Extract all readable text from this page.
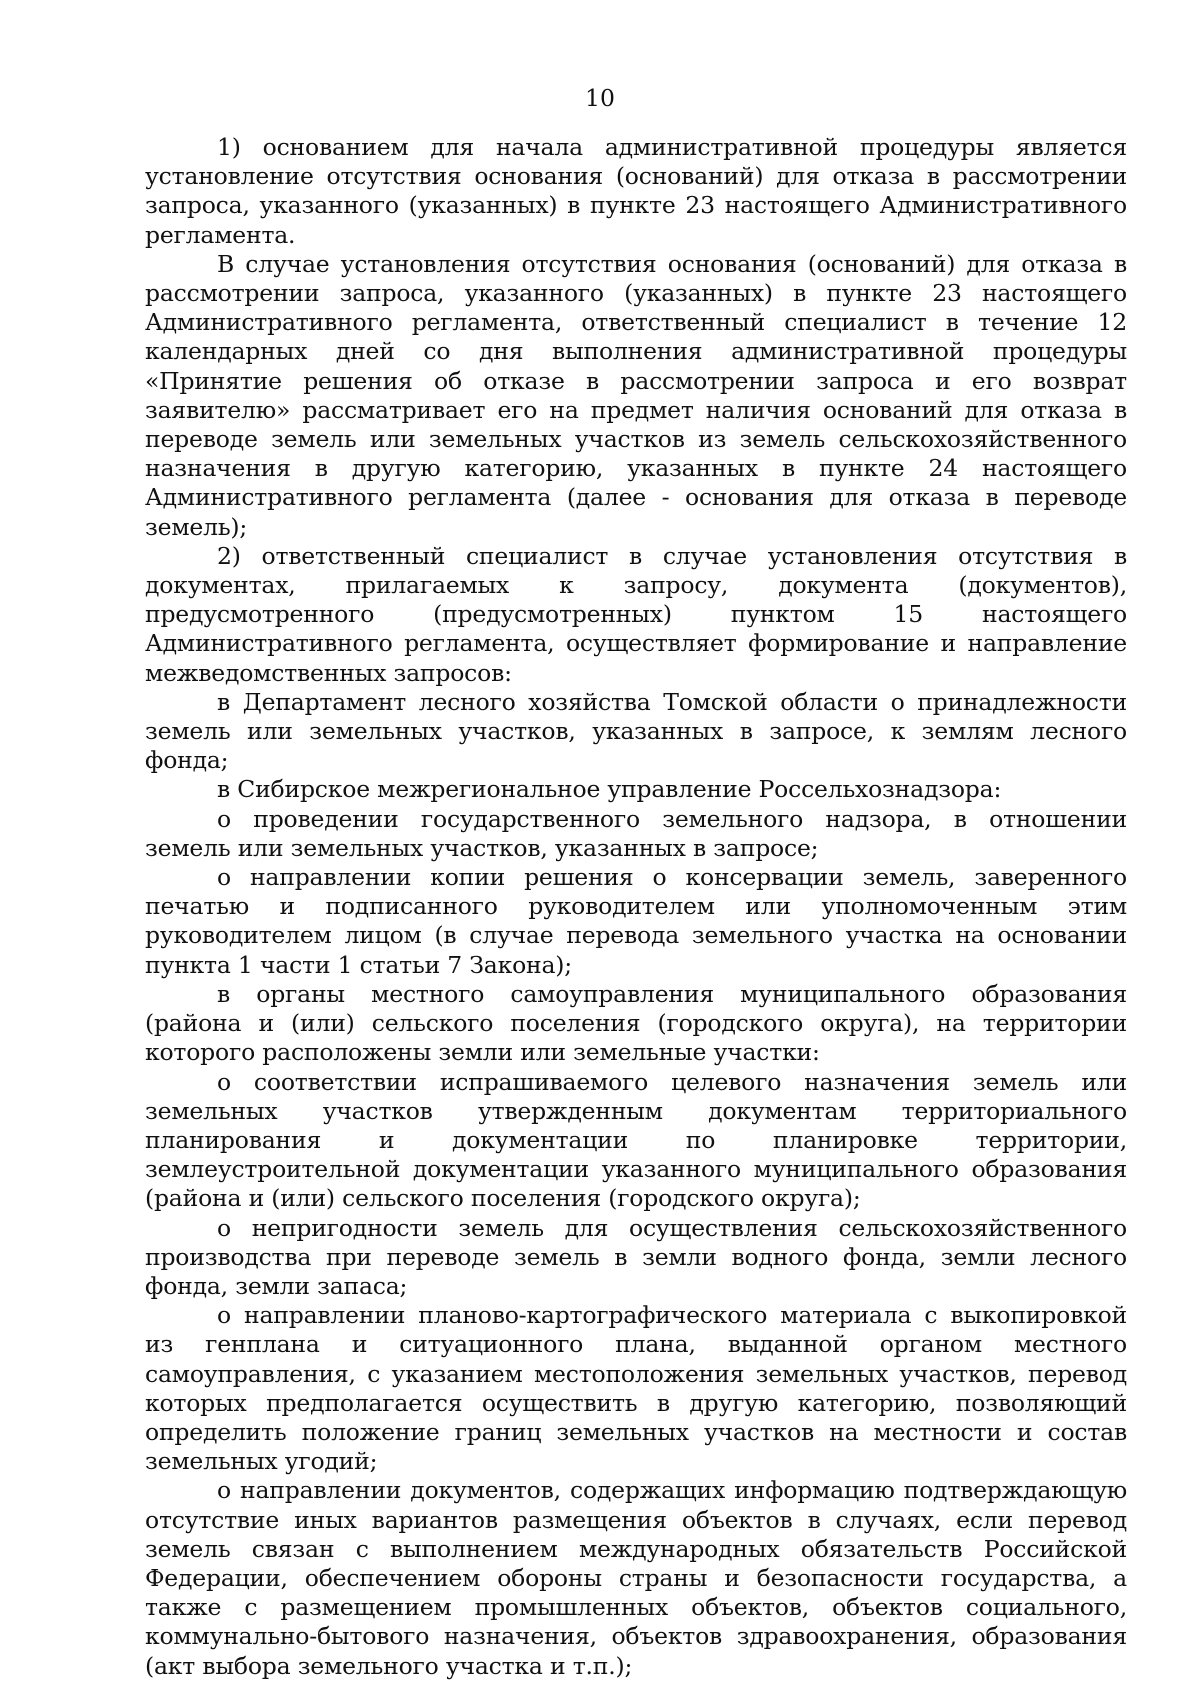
10

1) основанием для начала административной процедуры является установление отсутствия основания (оснований) для отказа в рассмотрении запроса, указанного (указанных) в пункте 23 настоящего Административного регламента.

В случае установления отсутствия основания (оснований) для отказа в рассмотрении запроса, указанного (указанных) в пункте 23 настоящего Административного регламента, ответственный специалист в течение 12 календарных дней со дня выполнения административной процедуры «Принятие решения об отказе в рассмотрении запроса и его возврат заявителю» рассматривает его на предмет наличия оснований для отказа в переводе земель или земельных участков из земель сельскохозяйственного назначения в другую категорию, указанных в пункте 24 настоящего Административного регламента (далее - основания для отказа в переводе земель);

2) ответственный специалист в случае установления отсутствия в документах, прилагаемых к запросу, документа (документов), предусмотренного (предусмотренных) пунктом 15 настоящего Административного регламента, осуществляет формирование и направление межведомственных запросов:

в Департамент лесного хозяйства Томской области о принадлежности земель или земельных участков, указанных в запросе, к землям лесного фонда;

в Сибирское межрегиональное управление Россельхознадзора:

о проведении государственного земельного надзора, в отношении земель или земельных участков, указанных в запросе;

о направлении копии решения о консервации земель, заверенного печатью и подписанного руководителем или уполномоченным этим руководителем лицом (в случае перевода земельного участка на основании пункта 1 части 1 статьи 7 Закона);

в органы местного самоуправления муниципального образования (района и (или) сельского поселения (городского округа), на территории которого расположены земли или земельные участки:

о соответствии испрашиваемого целевого назначения земель или земельных участков утвержденным документам территориального планирования и документации по планировке территории, землеустроительной документации указанного муниципального образования (района и (или) сельского поселения (городского округа);

о непригодности земель для осуществления сельскохозяйственного производства при переводе земель в земли водного фонда, земли лесного фонда, земли запаса;

о направлении планово-картографического материала с выкопировкой из генплана и ситуационного плана, выданной органом местного самоуправления, с указанием местоположения земельных участков, перевод которых предполагается осуществить в другую категорию, позволяющий определить положение границ земельных участков на местности и состав земельных угодий;

о направлении документов, содержащих информацию подтверждающую отсутствие иных вариантов размещения объектов в случаях, если перевод земель связан с выполнением международных обязательств Российской Федерации, обеспечением обороны страны и безопасности государства, а также с размещением промышленных объектов, объектов социального, коммунально-бытового назначения, объектов здравоохранения, образования (акт выбора земельного участка и т.п.);
